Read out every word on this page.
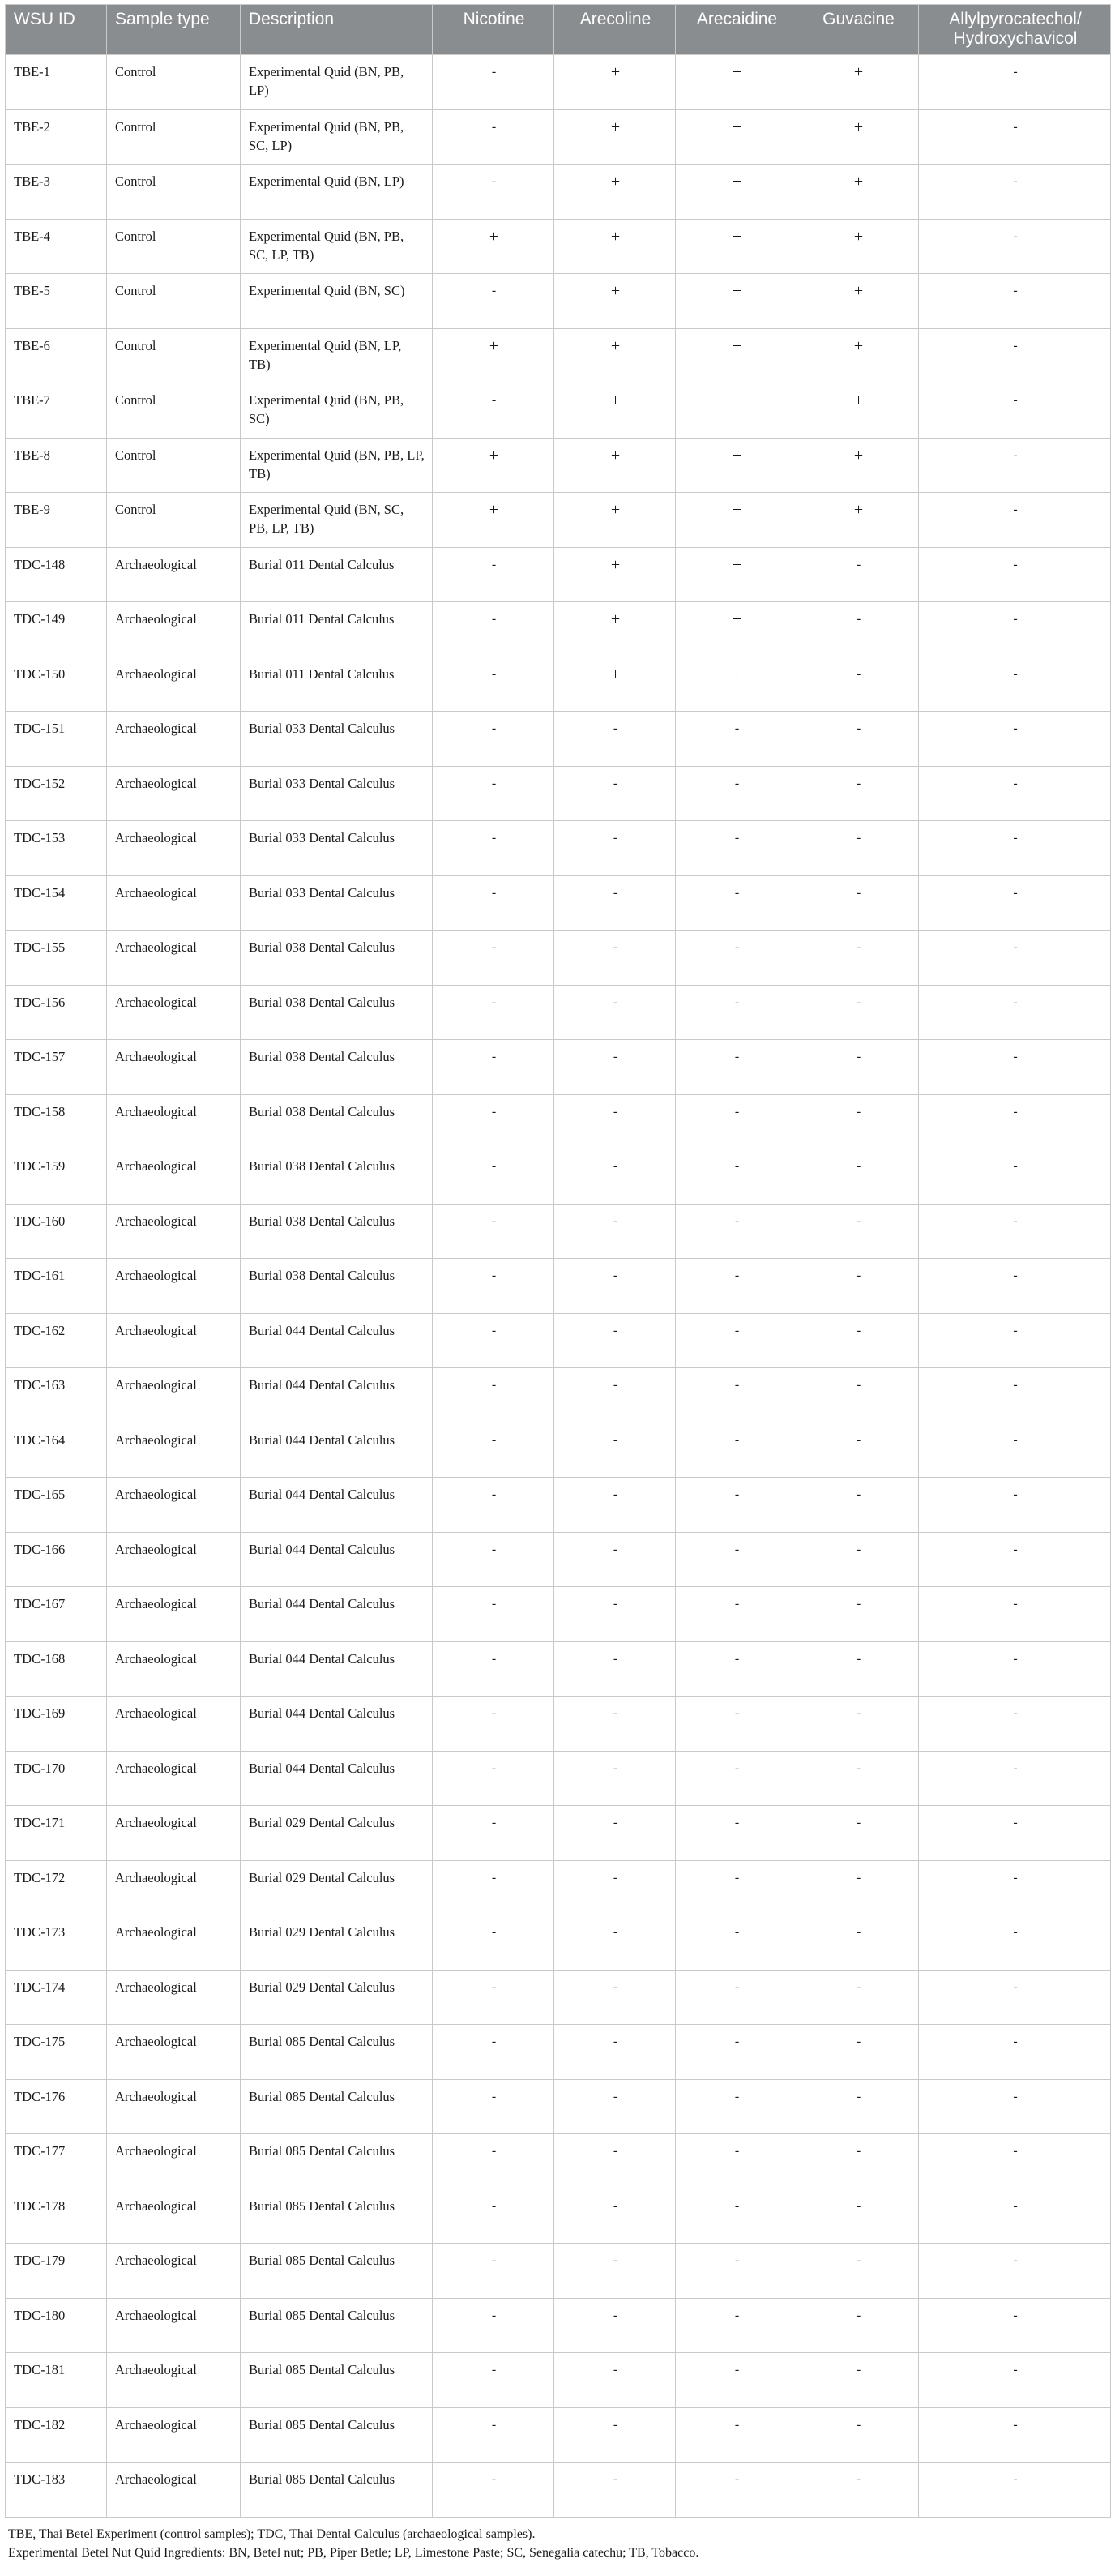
WSU ID	Sample type	Description	Nicotine	Arecoline	Arecaidine	Guvacine	Allylpyrocatechol/
Hydroxychavicol
TBE-1	Control	Experimental Quid (BN, PB, LP)	-	+	+	+	-
TBE-2	Control	Experimental Quid (BN, PB, SC, LP)	-	+	+	+	-
TBE-3	Control	Experimental Quid (BN, LP)	-	+	+	+	-
TBE-4	Control	Experimental Quid (BN, PB, SC, LP, TB)	+	+	+	+	-
TBE-5	Control	Experimental Quid (BN, SC)	-	+	+	+	-
TBE-6	Control	Experimental Quid (BN, LP, TB)	+	+	+	+	-
TBE-7	Control	Experimental Quid (BN, PB, SC)	-	+	+	+	-
TBE-8	Control	Experimental Quid (BN, PB, LP, TB)	+	+	+	+	-
TBE-9	Control	Experimental Quid (BN, SC, PB, LP, TB)	+	+	+	+	-
TDC-148	Archaeological	Burial 011 Dental Calculus	-	+	+	-	-
TDC-149	Archaeological	Burial 011 Dental Calculus	-	+	+	-	-
TDC-150	Archaeological	Burial 011 Dental Calculus	-	+	+	-	-
TDC-151	Archaeological	Burial 033 Dental Calculus	-	-	-	-	-
TDC-152	Archaeological	Burial 033 Dental Calculus	-	-	-	-	-
TDC-153	Archaeological	Burial 033 Dental Calculus	-	-	-	-	-
TDC-154	Archaeological	Burial 033 Dental Calculus	-	-	-	-	-
TDC-155	Archaeological	Burial 038 Dental Calculus	-	-	-	-	-
TDC-156	Archaeological	Burial 038 Dental Calculus	-	-	-	-	-
TDC-157	Archaeological	Burial 038 Dental Calculus	-	-	-	-	-
TDC-158	Archaeological	Burial 038 Dental Calculus	-	-	-	-	-
TDC-159	Archaeological	Burial 038 Dental Calculus	-	-	-	-	-
TDC-160	Archaeological	Burial 038 Dental Calculus	-	-	-	-	-
TDC-161	Archaeological	Burial 038 Dental Calculus	-	-	-	-	-
TDC-162	Archaeological	Burial 044 Dental Calculus	-	-	-	-	-
TDC-163	Archaeological	Burial 044 Dental Calculus	-	-	-	-	-
TDC-164	Archaeological	Burial 044 Dental Calculus	-	-	-	-	-
TDC-165	Archaeological	Burial 044 Dental Calculus	-	-	-	-	-
TDC-166	Archaeological	Burial 044 Dental Calculus	-	-	-	-	-
TDC-167	Archaeological	Burial 044 Dental Calculus	-	-	-	-	-
TDC-168	Archaeological	Burial 044 Dental Calculus	-	-	-	-	-
TDC-169	Archaeological	Burial 044 Dental Calculus	-	-	-	-	-
TDC-170	Archaeological	Burial 044 Dental Calculus	-	-	-	-	-
TDC-171	Archaeological	Burial 029 Dental Calculus	-	-	-	-	-
TDC-172	Archaeological	Burial 029 Dental Calculus	-	-	-	-	-
TDC-173	Archaeological	Burial 029 Dental Calculus	-	-	-	-	-
TDC-174	Archaeological	Burial 029 Dental Calculus	-	-	-	-	-
TDC-175	Archaeological	Burial 085 Dental Calculus	-	-	-	-	-
TDC-176	Archaeological	Burial 085 Dental Calculus	-	-	-	-	-
TDC-177	Archaeological	Burial 085 Dental Calculus	-	-	-	-	-
TDC-178	Archaeological	Burial 085 Dental Calculus	-	-	-	-	-
TDC-179	Archaeological	Burial 085 Dental Calculus	-	-	-	-	-
TDC-180	Archaeological	Burial 085 Dental Calculus	-	-	-	-	-
TDC-181	Archaeological	Burial 085 Dental Calculus	-	-	-	-	-
TDC-182	Archaeological	Burial 085 Dental Calculus	-	-	-	-	-
TDC-183	Archaeological	Burial 085 Dental Calculus	-	-	-	-	-
TBE, Thai Betel Experiment (control samples); TDC, Thai Dental Calculus (archaeological samples).
Experimental Betel Nut Quid Ingredients: BN, Betel nut; PB, Piper Betle; LP, Limestone Paste; SC, Senegalia catechu; TB, Tobacco.
